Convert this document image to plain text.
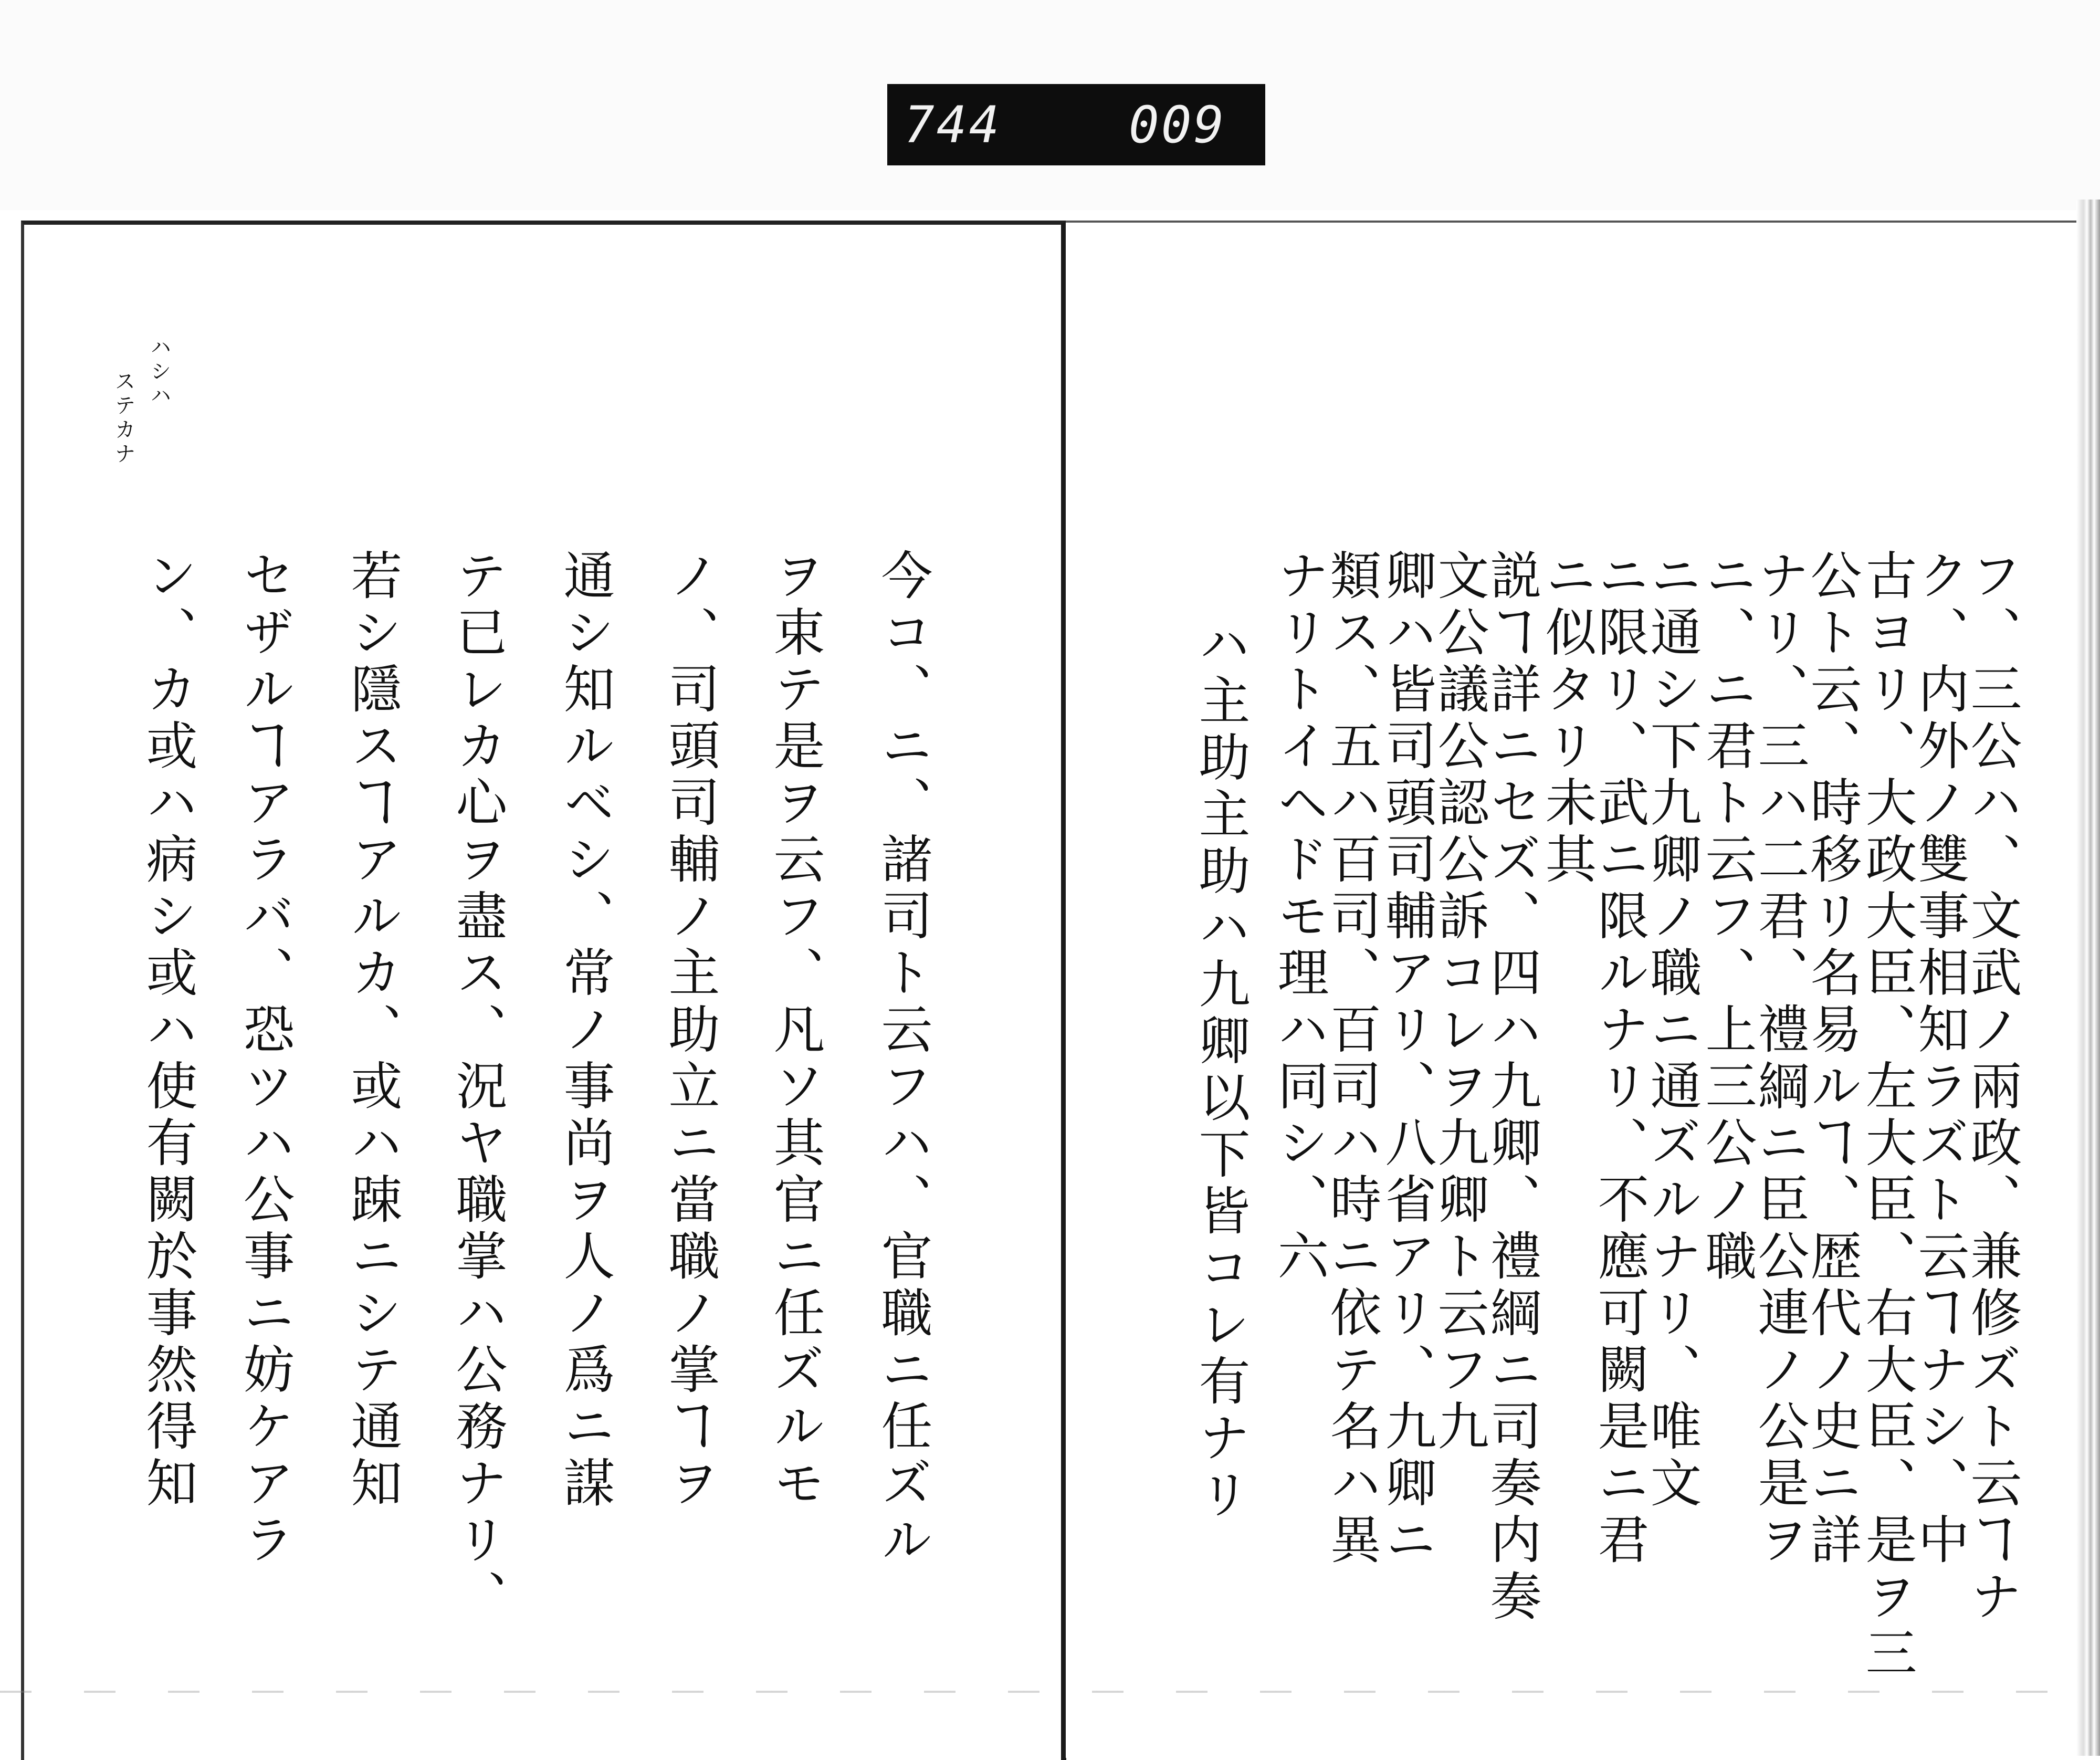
744	009
ハシハ
ステカナ
今コ、ニ、諸司ト云フハ、官職ニ任ズル
ヲ束テ是ヲ云フ、凡ソ其官ニ任ズルモ
ノ、司頭司輔ノ主助立ニ當職ノ掌ヿヲ
通シ知ルベシ、常ノ事尚ヲ人ノ爲ニ謀
テ已レカ心ヲ盡ス、況ヤ職掌ハ公務ナリ、
若シ隱スヿアルカ、或ハ踈ニシテ通知
セザルヿアラバ、恐ツハ公事ニ妨ケアラ
ン、カ或ハ病シ或ハ使有闕於事然得知	フ、三公ハ、文武ノ兩政、兼修ズト云ヿナ
ク、内外ノ雙事相知ラズト云ヿナシ、中
古ヨリ、大政大臣、左大臣、右大臣、是ヲ三
公ト云、時移リ名易ルヿ、歴代ノ史ニ詳
ナリ、三ハ二君、禮綱ニ臣公連ノ公是ヲ
ニ、ニ君ト云フ、上三公ノ職
ニ通シ下九卿ノ職ニ通ズルナリ、唯文
ニ限リ、武ニ限ルナリ、不應可闕是ニ君
ニ似タリ未其
説ヿ詳ニセズ、四ハ九卿、禮綱ニ司奏内奏
文公議公認公訴コレヲ九卿ト云フ九
卿ハ皆司頭司輔アリ、八省アリ、九卿ニ
類ス、五ハ百司、百司ハ時ニ依テ名ハ異
ナリトイヘドモ理ハ同シ、六
ハ主助主助ハ九卿以下皆コレ有ナリ
